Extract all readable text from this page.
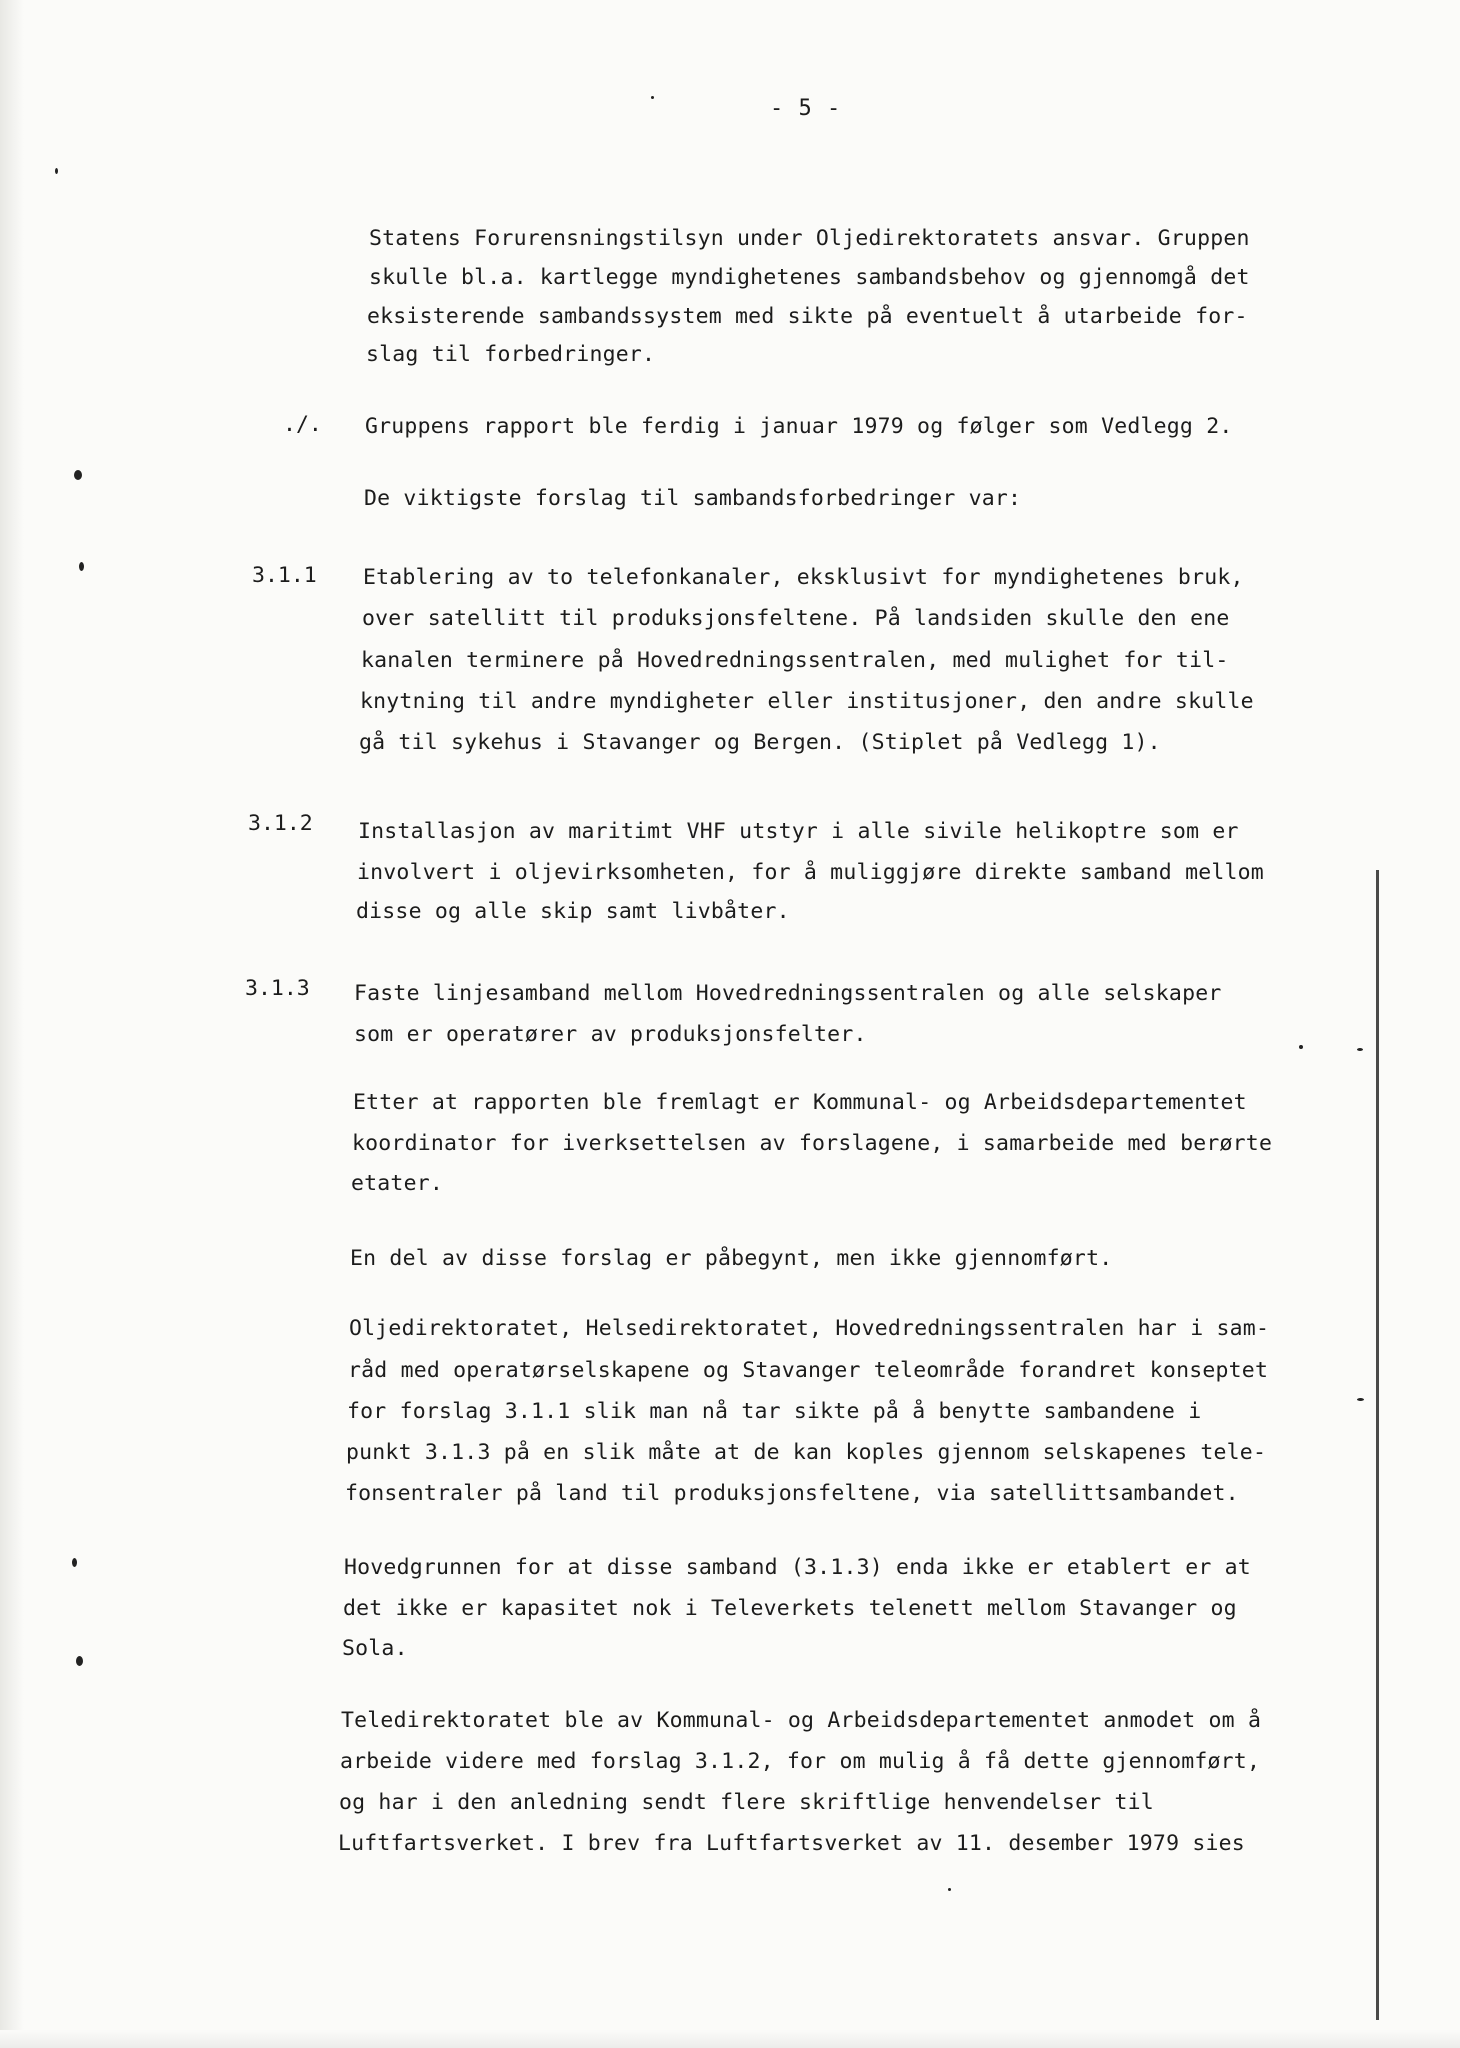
- 5 -
Statens Forurensningstilsyn under Oljedirektoratets ansvar. Gruppen
skulle bl.a. kartlegge myndighetenes sambandsbehov og gjennomgå det
eksisterende sambandssystem med sikte på eventuelt å utarbeide for-
slag til forbedringer.
./. Gruppens rapport ble ferdig i januar 1979 og følger som Vedlegg 2.
De viktigste forslag til sambandsforbedringer var:
3.1.1 Etablering av to telefonkanaler, eksklusivt for myndighetenes bruk,
over satellitt til produksjonsfeltene. På landsiden skulle den ene
kanalen terminere på Hovedredningssentralen, med mulighet for til-
knytning til andre myndigheter eller institusjoner, den andre skulle
gå til sykehus i Stavanger og Bergen. (Stiplet på Vedlegg 1).
3.1.2 Installasjon av maritimt VHF utstyr i alle sivile helikoptre som er
involvert i oljevirksomheten, for å muliggjøre direkte samband mellom
disse og alle skip samt livbåter.
3.1.3 Faste linjesamband mellom Hovedredningssentralen og alle selskaper
som er operatører av produksjonsfelter.
Etter at rapporten ble fremlagt er Kommunal- og Arbeidsdepartementet
koordinator for iverksettelsen av forslagene, i samarbeide med berørte
etater.
En del av disse forslag er påbegynt, men ikke gjennomført.
Oljedirektoratet, Helsedirektoratet, Hovedredningssentralen har i sam-
råd med operatørselskapene og Stavanger teleområde forandret konseptet
for forslag 3.1.1 slik man nå tar sikte på å benytte sambandene i
punkt 3.1.3 på en slik måte at de kan koples gjennom selskapenes tele-
fonsentraler på land til produksjonsfeltene, via satellittsambandet.
Hovedgrunnen for at disse samband (3.1.3) enda ikke er etablert er at
det ikke er kapasitet nok i Televerkets telenett mellom Stavanger og
Sola.
Teledirektoratet ble av Kommunal- og Arbeidsdepartementet anmodet om å
arbeide videre med forslag 3.1.2, for om mulig å få dette gjennomført,
og har i den anledning sendt flere skriftlige henvendelser til
Luftfartsverket. I brev fra Luftfartsverket av 11. desember 1979 sies
